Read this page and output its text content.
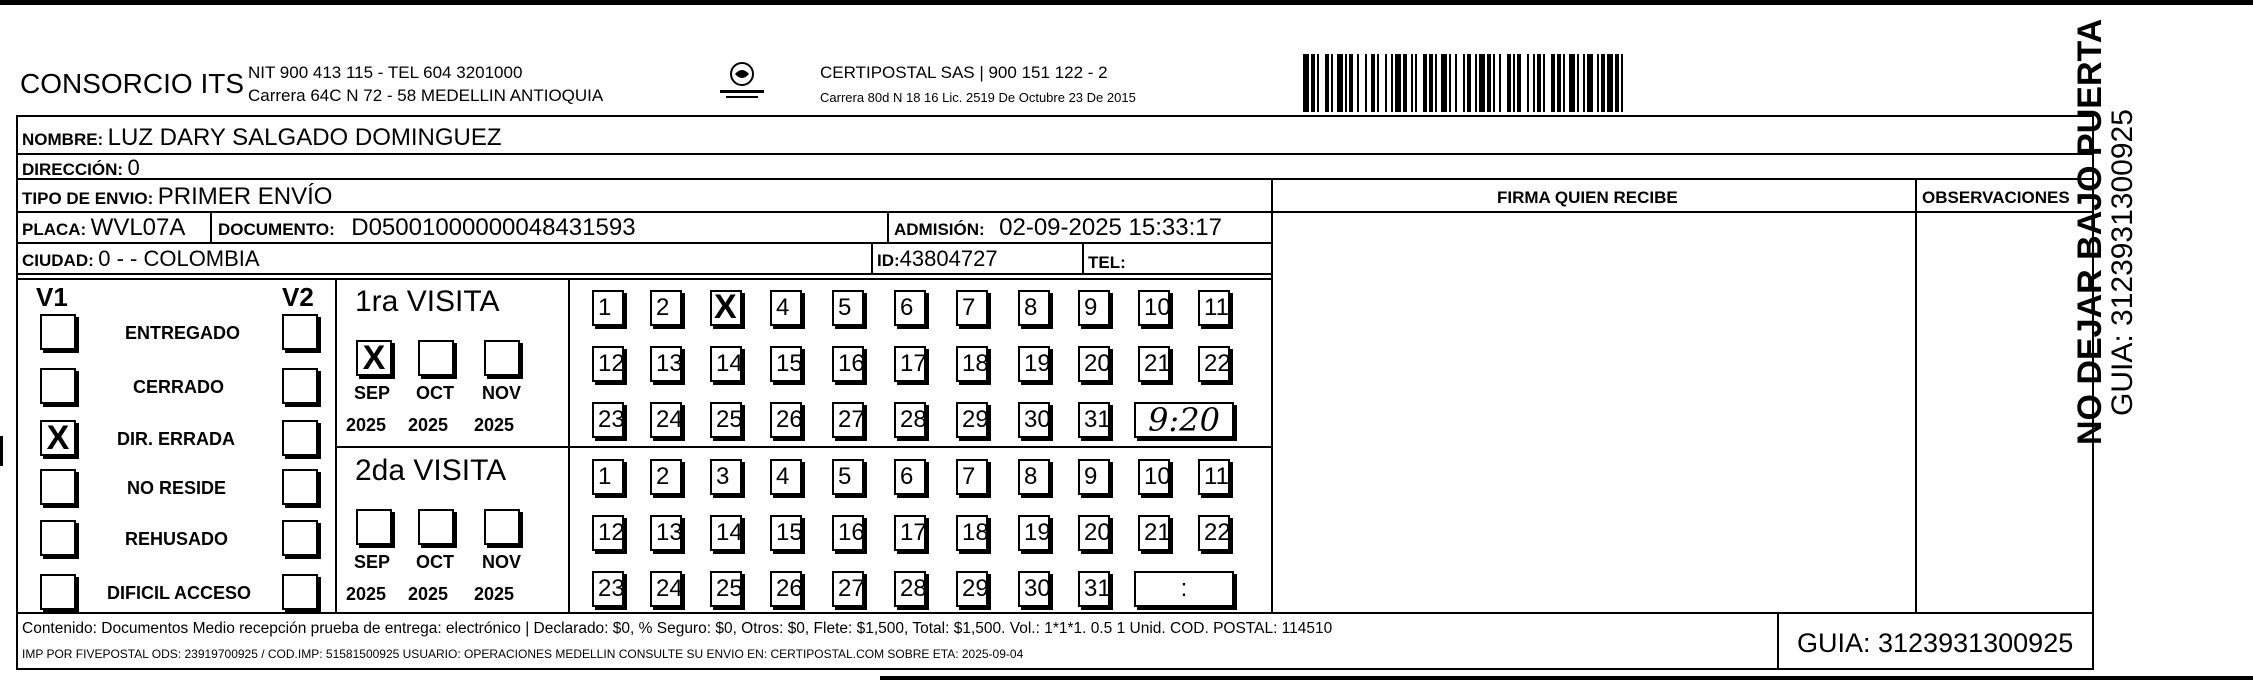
CONSORCIO ITS NIT 900 413 115 - TEL 604 3201000
Carrera 64C N 72 - 58 MEDELLIN ANTIOQUIA
CERTIPOSTAL SAS | 900 151 122 - 2
Carrera 80d N 18 16 Lic. 2519 De Octubre 23 De 2015
NOMBRE: LUZ DARY SALGADO DOMINGUEZ
DIRECCIÓN: 0
TIPO DE ENVIO: PRIMER ENVÍO
PLACA: WVL07A DOCUMENTO: D05001000000048431593	ADMISIÓN: 02-09-2025 15:33:17
CIUDAD: 0 - - COLOMBIA	ID:43804727	TEL:
FIRMA QUIEN RECIBE	OBSERVACIONES
V1	V2
ENTREGADO
CERRADO
X	DIR. ERRADA
NO RESIDE
REHUSADO
DIFICIL ACCESO
1ra VISITA
X
SEP
2025
OCT
2025
NOV
2025
1	2	X 4	5	6	7	8	9	10 11
12 13 14 15 16 17 18 19 20 21 22
23 24 25 26 27 28 29 30 31	9:20
2da VISITA
SEP
2025
OCT
2025
NOV
2025
1	2	3	4	5	6	7	8	9	10 11
12 13 14 15 16 17 18 19 20 21 22
23 24 25 26 27 28 29 30 31	:
Contenido: Documentos Medio recepción prueba de entrega: electrónico | Declarado: $0, % Seguro: $0, Otros: $0, Flete: $1,500, Total: $1,500. Vol.: 1*1*1. 0.5 1 Unid. COD. POSTAL: 114510
IMP POR FIVEPOSTAL ODS: 23919700925 / COD.IMP: 51581500925 USUARIO: OPERACIONES MEDELLIN CONSULTE SU ENVIO EN: CERTIPOSTAL.COM SOBRE ETA: 2025-09-04	GUIA: 3123931300925
NO DEJAR BAJO PUERTA
GUIA: 3123931300925
